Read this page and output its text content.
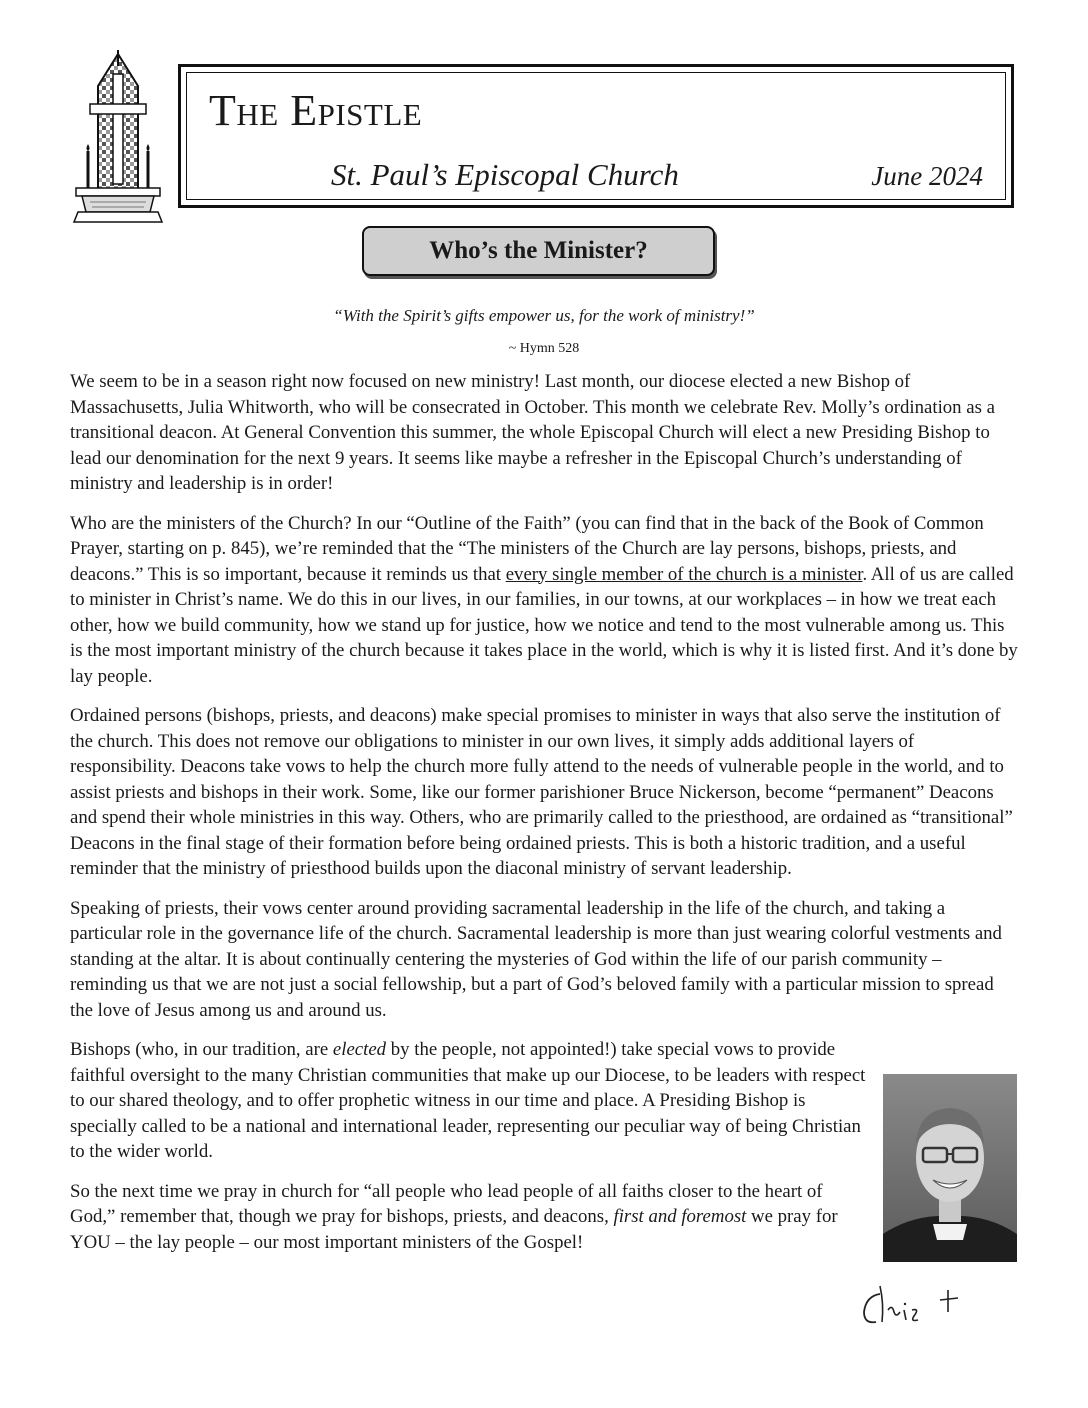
The Epistle
St. Paul’s Episcopal Church	June 2024
Who’s the Minister?
“With the Spirit’s gifts empower us, for the work of ministry!”
~ Hymn 528

We seem to be in a season right now focused on new ministry! Last month, our diocese elected a new Bishop of Massachusetts, Julia Whitworth, who will be consecrated in October. This month we celebrate Rev. Molly’s ordination as a transitional deacon. At General Convention this summer, the whole Episcopal Church will elect a new Presiding Bishop to lead our denomination for the next 9 years. It seems like maybe a refresher in the Episcopal Church’s understanding of ministry and leadership is in order!

Who are the ministers of the Church? In our “Outline of the Faith” (you can find that in the back of the Book of Common Prayer, starting on p. 845), we’re reminded that the “The ministers of the Church are lay persons, bishops, priests, and deacons.” This is so important, because it reminds us that every single member of the church is a minister. All of us are called to minister in Christ’s name. We do this in our lives, in our families, in our towns, at our workplaces – in how we treat each other, how we build community, how we stand up for justice, how we notice and tend to the most vulnerable among us. This is the most important ministry of the church because it takes place in the world, which is why it is listed first. And it’s done by lay people.

Ordained persons (bishops, priests, and deacons) make special promises to minister in ways that also serve the institution of the church. This does not remove our obligations to minister in our own lives, it simply adds additional layers of responsibility. Deacons take vows to help the church more fully attend to the needs of vulnerable people in the world, and to assist priests and bishops in their work. Some, like our former parishioner Bruce Nickerson, become “permanent” Deacons and spend their whole ministries in this way. Others, who are primarily called to the priesthood, are ordained as “transitional” Deacons in the final stage of their formation before being ordained priests. This is both a historic tradition, and a useful reminder that the ministry of priesthood builds upon the diaconal ministry of servant leadership.

Speaking of priests, their vows center around providing sacramental leadership in the life of the church, and taking a particular role in the governance life of the church. Sacramental leadership is more than just wearing colorful vestments and standing at the altar. It is about continually centering the mysteries of God within the life of our parish community – reminding us that we are not just a social fellowship, but a part of God’s beloved family with a particular mission to spread the love of Jesus among us and around us.

Bishops (who, in our tradition, are elected by the people, not appointed!) take special vows to provide faithful oversight to the many Christian communities that make up our Diocese, to be leaders with respect to our shared theology, and to offer prophetic witness in our time and place. A Presiding Bishop is specially called to be a national and international leader, representing our peculiar way of being Christian to the wider world.

So the next time we pray in church for “all people who lead people of all faiths closer to the heart of God,” remember that, though we pray for bishops, priests, and deacons, first and foremost we pray for YOU – the lay people – our most important ministers of the Gospel!
